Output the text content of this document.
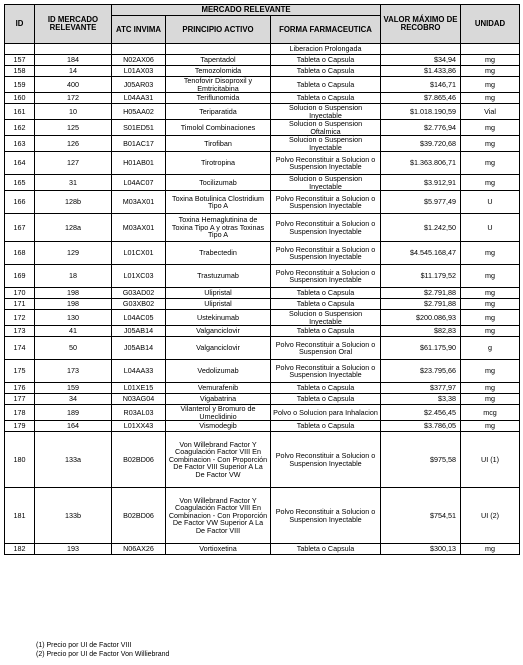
ID	ID MERCADO RELEVANTE	MERCADO RELEVANTE			VALOR MÁXIMO DE RECOBRO	UNIDAD
		ATC INVIMA	PRINCIPIO ACTIVO	FORMA FARMACEUTICA		
				Liberacion Prolongada		
157	184	N02AX06	Tapentadol	Tableta o Capsula	$34,94	mg
158	14	L01AX03	Temozolomida	Tableta o Capsula	$1.433,86	mg
159	400	J05AR03	Tenofovir Disoproxil y Emtricitabina	Tableta o Capsula	$146,71	mg
160	172	L04AA31	Teriflunomida	Tableta o Capsula	$7.865,46	mg
161	10	H05AA02	Teriparatida	Solucion o Suspension Inyectable	$1.018.190,59	Vial
162	125	S01ED51	Timolol Combinaciones	Solucion o Suspension Oftalmica	$2.776,94	mg
163	126	B01AC17	Tirofiban	Solucion o Suspension Inyectable	$39.720,68	mg
164	127	H01AB01	Tirotropina	Polvo Reconstituir a Solucion o Suspension Inyectable	$1.363.806,71	mg
165	31	L04AC07	Tocilizumab	Solucion o Suspension Inyectable	$3.912,91	mg
166	128b	M03AX01	Toxina Botulinica Clostridium Tipo A	Polvo Reconstituir a Solucion o Suspension Inyectable	$5.977,49	U
167	128a	M03AX01	Toxina Hemaglutinina de Toxina Tipo A y otras Toxinas Tipo A	Polvo Reconstituir a Solucion o Suspension Inyectable	$1.242,50	U
168	129	L01CX01	Trabectedin	Polvo Reconstituir a Solucion o Suspension Inyectable	$4.545.168,47	mg
169	18	L01XC03	Trastuzumab	Polvo Reconstituir a Solucion o Suspension Inyectable	$11.179,52	mg
170	198	G03AD02	Ulipristal	Tableta o Capsula	$2.791,88	mg
171	198	G03XB02	Ulipristal	Tableta o Capsula	$2.791,88	mg
172	130	L04AC05	Ustekinumab	Solucion o Suspension Inyectable	$200.086,93	mg
173	41	J05AB14	Valganciclovir	Tableta o Capsula	$82,83	mg
174	50	J05AB14	Valganciclovir	Polvo Reconstituir a Solucion o Suspension Oral	$61.175,90	g
175	173	L04AA33	Vedolizumab	Polvo Reconstituir a Solucion o Suspension Inyectable	$23.795,66	mg
176	159	L01XE15	Vemurafenib	Tableta o Capsula	$377,97	mg
177	34	N03AG04	Vigabatrina	Tableta o Capsula	$3,38	mg
178	189	R03AL03	Vilanterol y Bromuro de Umeclidinio	Polvo o Solucion para Inhalacion	$2.456,45	mcg
179	164	L01XX43	Vismodegib	Tableta o Capsula	$3.786,05	mg
180	133a	B02BD06	Von Willebrand Factor Y Coagulación Factor VIII En Combinacion - Con Proporción De Factor VIII Superior A La De Factor VW	Polvo Reconstituir a Solucion o Suspension Inyectable	$975,58	UI (1)
181	133b	B02BD06	Von Willebrand Factor Y Coagulación Factor VIII En Combinacion - Con Proporción De Factor VW Superior A La De Factor VIII	Polvo Reconstituir a Solucion o Suspension Inyectable	$754,51	UI (2)
182	193	N06AX26	Vortioxetina	Tableta o Capsula	$300,13	mg
(1) Precio por UI de Factor VIII
(2) Precio por UI de Factor Von Williebrand
